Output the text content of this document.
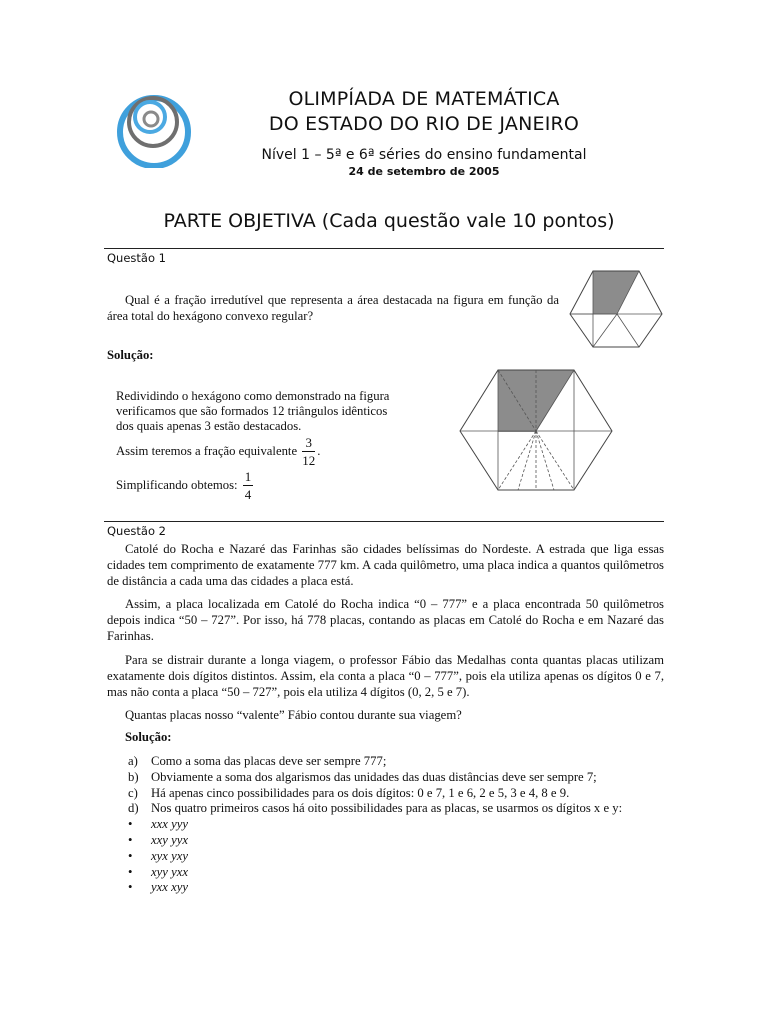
OLIMPÍADA DE MATEMÁTICA
DO ESTADO DO RIO DE JANEIRO
Nível 1 – 5ª e 6ª séries do ensino fundamental
24 de setembro de 2005
PARTE OBJETIVA (Cada questão vale 10 pontos)
Questão 1
Qual é a fração irredutível que representa a área destacada na figura em função da área total do hexágono convexo regular?
Solução:
Redividindo o hexágono como demonstrado na figura verificamos que são formados 12 triângulos idênticos dos quais apenas 3 estão destacados.
Assim teremos a fração equivalente $\frac{3}{12}$ .
Simplificando obtemos: $\frac{1}{4}$
Questão 2
Catolé do Rocha e Nazaré das Farinhas são cidades belíssimas do Nordeste. A estrada que liga essas cidades tem comprimento de exatamente 777 km. A cada quilômetro, uma placa indica a quantos quilômetros de distância a cada uma das cidades a placa está.
Assim, a placa localizada em Catolé do Rocha indica “0 – 777” e a placa encontrada 50 quilômetros depois indica “50 – 727”. Por isso, há 778 placas, contando as placas em Catolé do Rocha e em Nazaré das Farinhas.
Para se distrair durante a longa viagem, o professor Fábio das Medalhas conta quantas placas utilizam exatamente dois dígitos distintos. Assim, ela conta a placa “0 – 777”, pois ela utiliza apenas os dígitos 0 e 7, mas não conta a placa “50 – 727”, pois ela utiliza 4 dígitos (0, 2, 5 e 7).
Quantas placas nosso “valente” Fábio contou durante sua viagem?
Solução:
a)	Como a soma das placas deve ser sempre 777;
b) Obviamente a soma dos algarismos das unidades das duas distâncias deve ser sempre 7;
c)	Há apenas cinco possibilidades para os dois dígitos: 0 e 7, 1 e 6, 2 e 5, 3 e 4, 8 e 9.
d) Nos quatro primeiros casos há oito possibilidades para as placas, se usarmos os dígitos x e y:
•	xxx yyy
•	xxy yyx
•	xyx yxy
•	xyy yxx
•	yxx xyy
